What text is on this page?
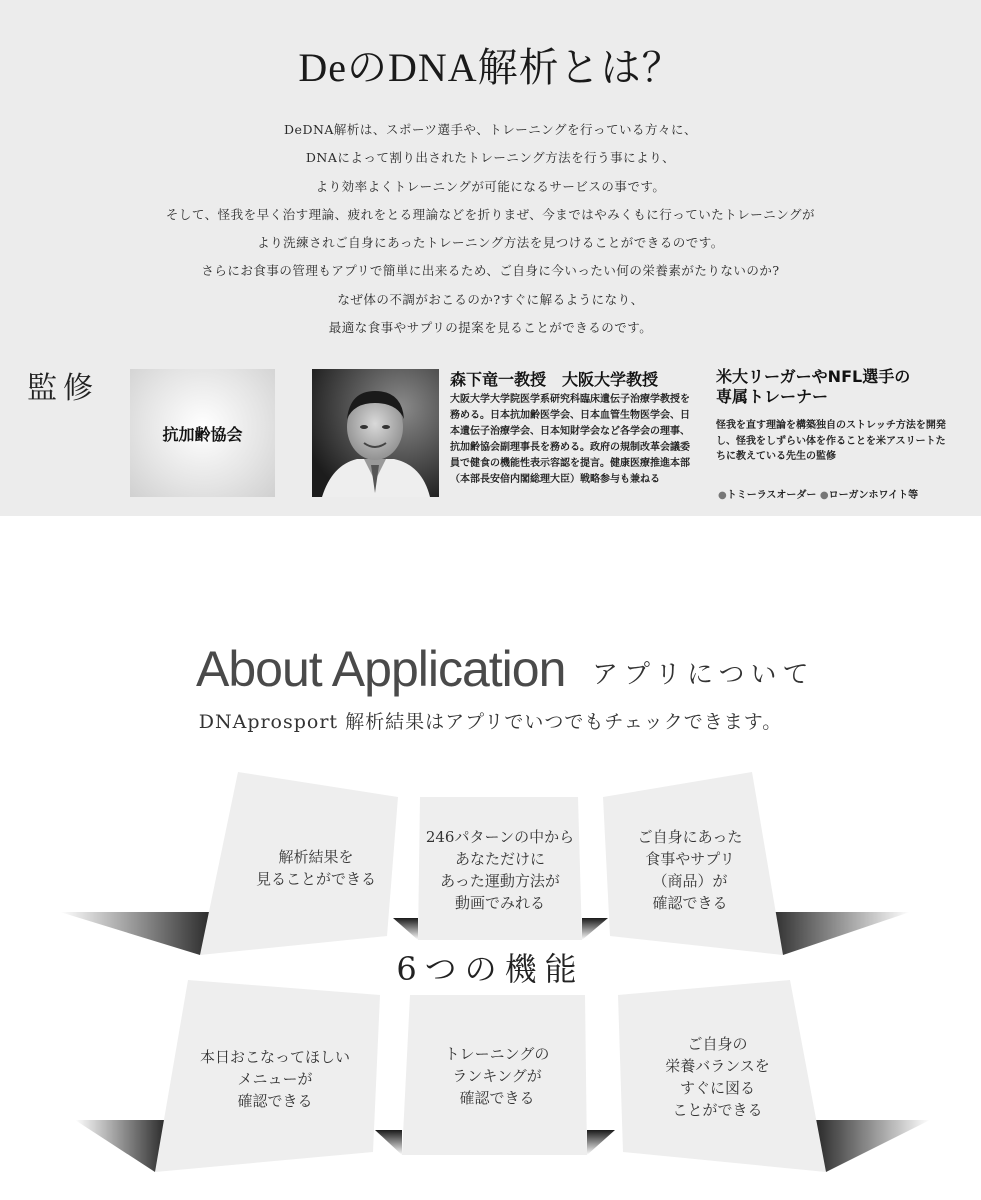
DeのDNA解析とは？
DeDNA解析は、スポーツ選手や、トレーニングを行っている方々に、
DNAによって割り出されたトレーニング方法を行う事により、
より効率よくトレーニングが可能になるサービスの事です。
そして、怪我を早く治す理論、疲れをとる理論などを折りまぜ、今まではやみくもに行っていたトレーニングが
より洗練されご自身にあったトレーニング方法を見つけることができるのです。
さらにお食事の管理もアプリで簡単に出来るため、ご自身に今いったい何の栄養素がたりないのか?
なぜ体の不調がおこるのか?すぐに解るようになり、
最適な食事やサプリの提案を見ることができるのです。
監修
抗加齢協会
森下竜一教授　大阪大学教授
大阪大学大学院医学系研究科臨床遺伝子治療学教授を務める。日本抗加齢医学会、日本血管生物医学会、日本遺伝子治療学会、日本知財学会など各学会の理事、抗加齢協会副理事長を務める。政府の規制改革会議委員で健食の機能性表示容認を提言。健康医療推進本部（本部長安倍内閣総理大臣）戦略参与も兼ねる
米大リーガーやNFL選手の
専属トレーナー
怪我を直す理論を構築独自のストレッチ方法を開発し、怪我をしずらい体を作ることを米アスリートたちに教えている先生の監修
●トミーラスオーダー ●ローガンホワイト等
About Application アプリについて
DNAprosport 解析結果はアプリでいつでもチェックできます。
6つの機能
解析結果を
見ることができる
246パターンの中から
あなただけに
あった運動方法が
動画でみれる
ご自身にあった
食事やサプリ
（商品）が
確認できる
本日おこなってほしい
メニューが
確認できる
トレーニングの
ランキングが
確認できる
ご自身の
栄養バランスを
すぐに図る
ことができる
